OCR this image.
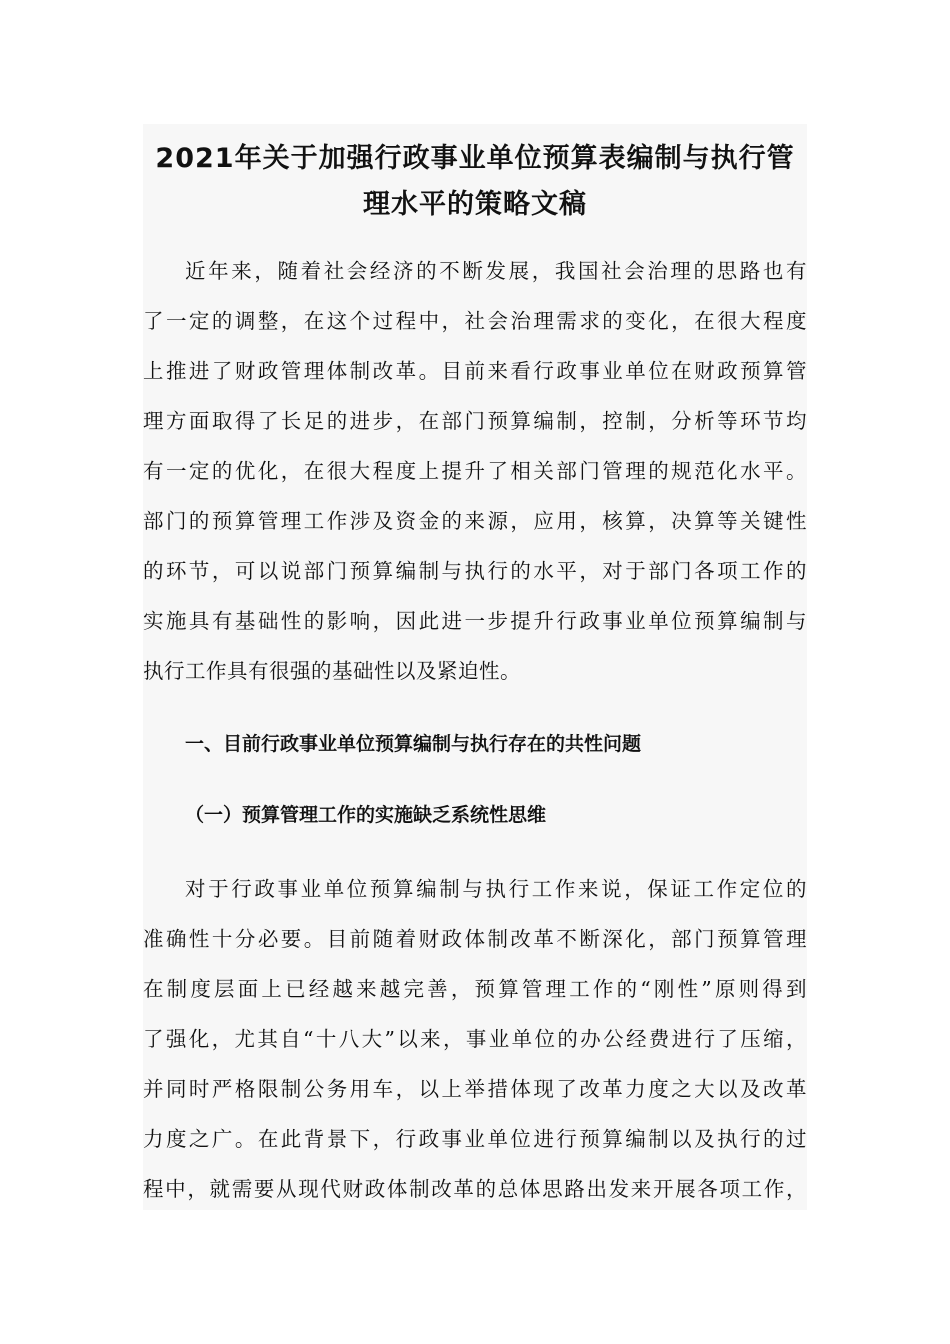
2021年关于加强行政事业单位预算表编制与执行管
理水平的策略文稿
近年来，随着社会经济的不断发展，我国社会治理的思路也有
了一定的调整，在这个过程中，社会治理需求的变化，在很大程度
上推进了财政管理体制改革。目前来看行政事业单位在财政预算管
理方面取得了长足的进步，在部门预算编制，控制，分析等环节均
有一定的优化，在很大程度上提升了相关部门管理的规范化水平。
部门的预算管理工作涉及资金的来源，应用，核算，决算等关键性
的环节，可以说部门预算编制与执行的水平，对于部门各项工作的
实施具有基础性的影响，因此进一步提升行政事业单位预算编制与
执行工作具有很强的基础性以及紧迫性。
一、目前行政事业单位预算编制与执行存在的共性问题
（一）预算管理工作的实施缺乏系统性思维
对于行政事业单位预算编制与执行工作来说，保证工作定位的
准确性十分必要。目前随着财政体制改革不断深化，部门预算管理
在制度层面上已经越来越完善，预算管理工作的“刚性”原则得到
了强化，尤其自“十八大”以来，事业单位的办公经费进行了压缩，
并同时严格限制公务用车，以上举措体现了改革力度之大以及改革
力度之广。在此背景下，行政事业单位进行预算编制以及执行的过
程中，就需要从现代财政体制改革的总体思路出发来开展各项工作，
